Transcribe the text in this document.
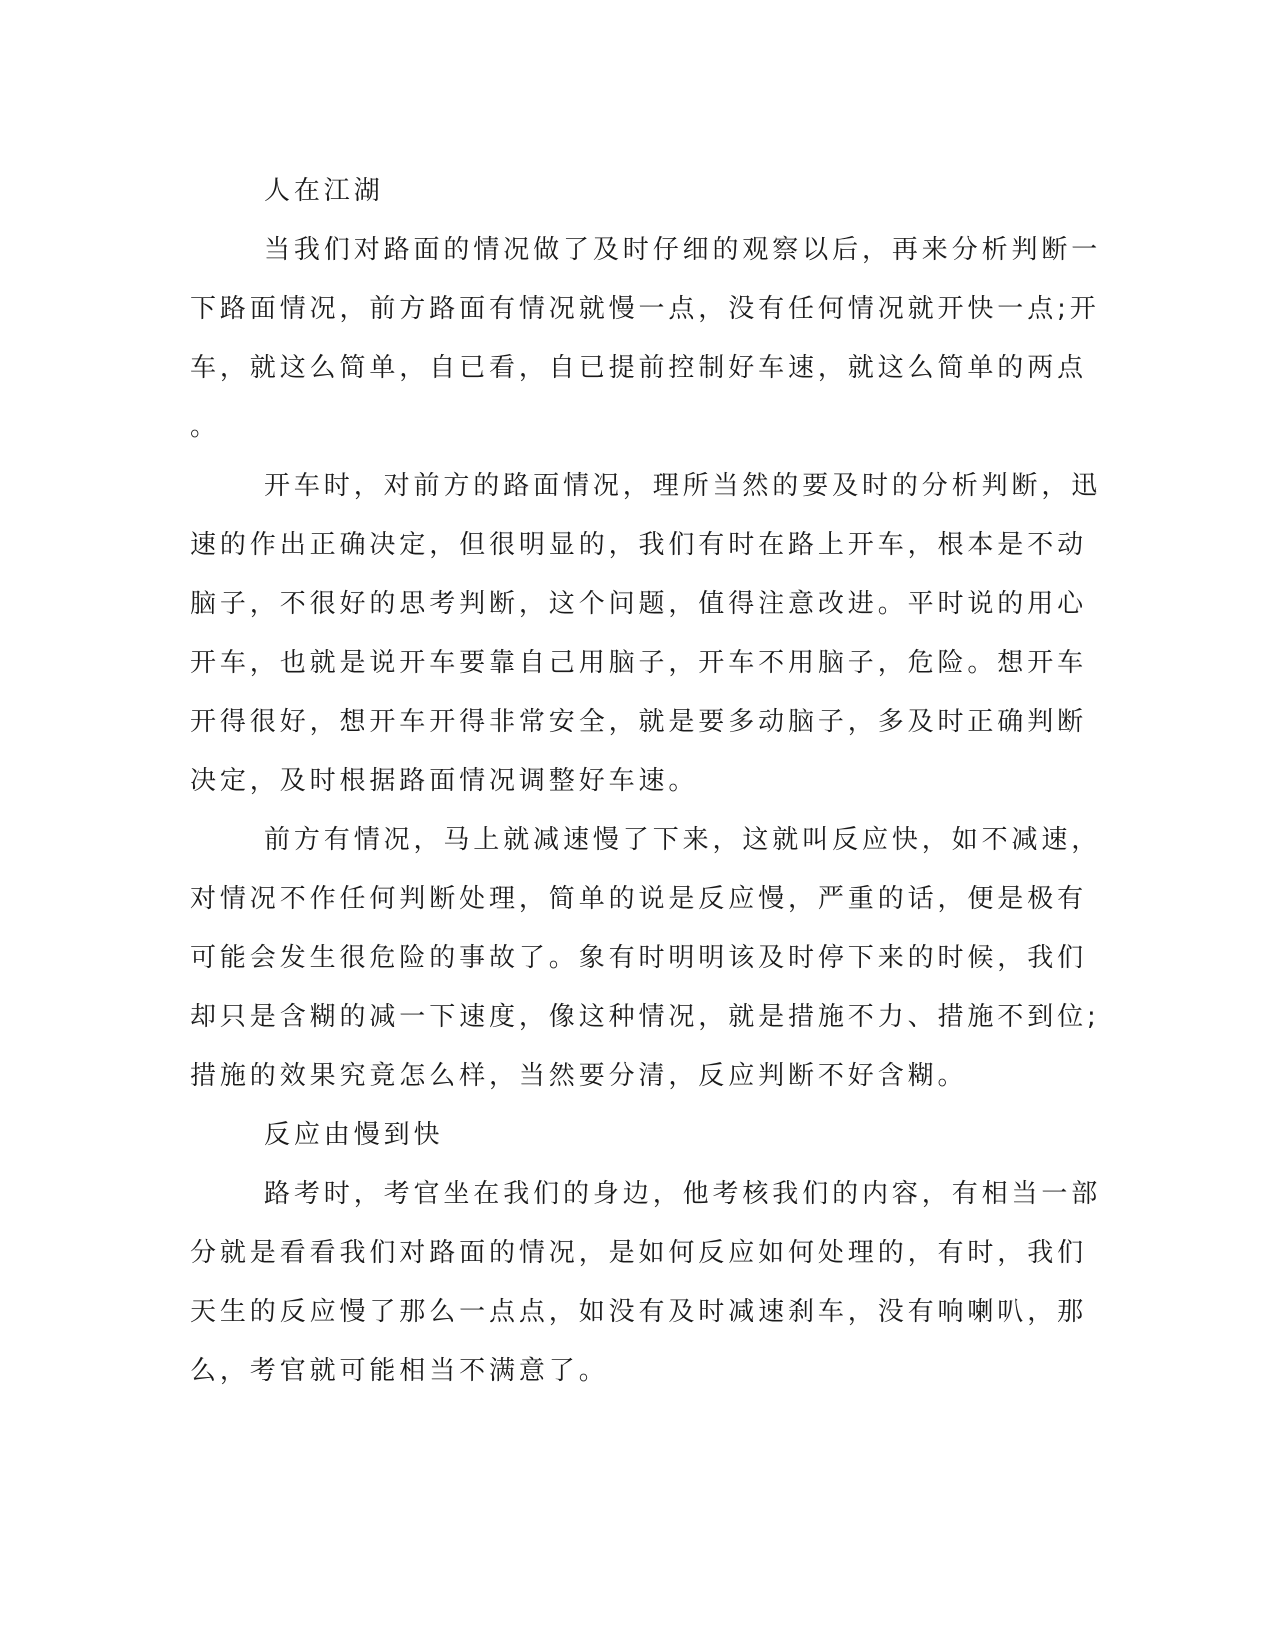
人在江湖
当我们对路面的情况做了及时仔细的观察以后，再来分析判断一
下路面情况，前方路面有情况就慢一点，没有任何情况就开快一点;开
车，就这么简单，自已看，自已提前控制好车速，就这么简单的两点
。
开车时，对前方的路面情况，理所当然的要及时的分析判断，迅
速的作出正确决定，但很明显的，我们有时在路上开车，根本是不动
脑子，不很好的思考判断，这个问题，值得注意改进。平时说的用心
开车，也就是说开车要靠自己用脑子，开车不用脑子，危险。想开车
开得很好，想开车开得非常安全，就是要多动脑子，多及时正确判断
决定，及时根据路面情况调整好车速。
前方有情况，马上就减速慢了下来，这就叫反应快，如不减速，
对情况不作任何判断处理，简单的说是反应慢，严重的话，便是极有
可能会发生很危险的事故了。象有时明明该及时停下来的时候，我们
却只是含糊的减一下速度，像这种情况，就是措施不力、措施不到位;
措施的效果究竟怎么样，当然要分清，反应判断不好含糊。
反应由慢到快
路考时，考官坐在我们的身边，他考核我们的内容，有相当一部
分就是看看我们对路面的情况，是如何反应如何处理的，有时，我们
天生的反应慢了那么一点点，如没有及时减速刹车，没有响喇叭，那
么，考官就可能相当不满意了。
